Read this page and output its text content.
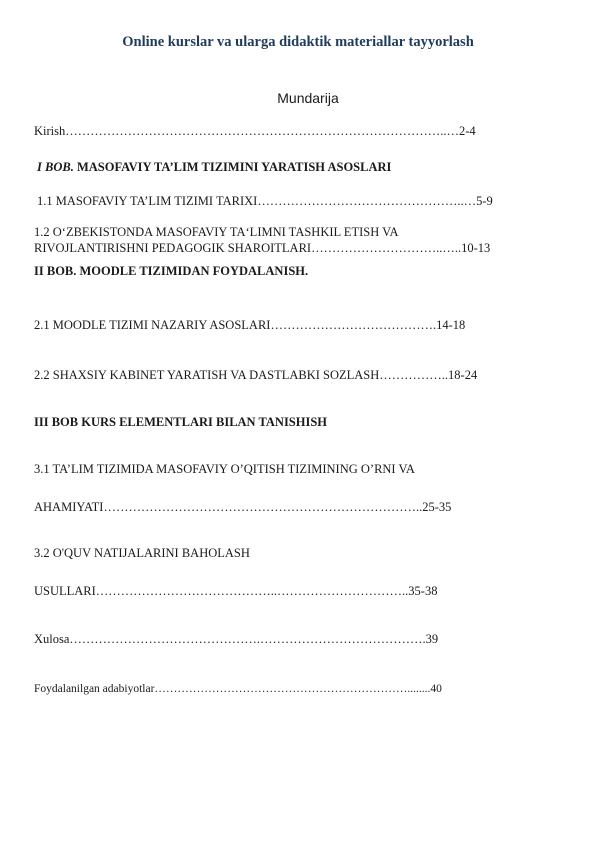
Online kurslar va ularga didaktik materiallar tayyorlash
Mundarija
Kirish………………………………………………………………………………..…2-4
I BOB. MASOFAVIY TA’LIM TIZIMINI YARATISH ASOSLARI
1.1 MASOFAVIY TA’LIM TIZIMI TARIXI…………………………………………..…5-9
1.2 O‘ZBEKISTONDA MASOFAVIY TA‘LIMNI TASHKIL ETISH VA
RIVOJLANTIRISHNI PEDAGOGIK SHAROITLARI…………………………..…..10-13
II BOB. MOODLE TIZIMIDAN FOYDALANISH.
2.1 MOODLE TIZIMI NAZARIY ASOSLARI………………………………….14-18
2.2 SHAXSIY KABINET YARATISH VA DASTLABKI SOZLASH……………..18-24
III BOB KURS ELEMENTLARI BILAN TANISHISH
3.1 TA’LIM TIZIMIDA MASOFAVIY O’QITISH TIZIMINING O’RNI VA
AHAMIYATI…………………………………………………………………..25-35
3.2 O'QUV NATIJALARINI BAHOLASH
USULLARI……………………………………..…………………………..35-38
Xulosa……………………………………….………………………………….39
Foydalanilgan adabiyotlar…………………………………………………………........40
